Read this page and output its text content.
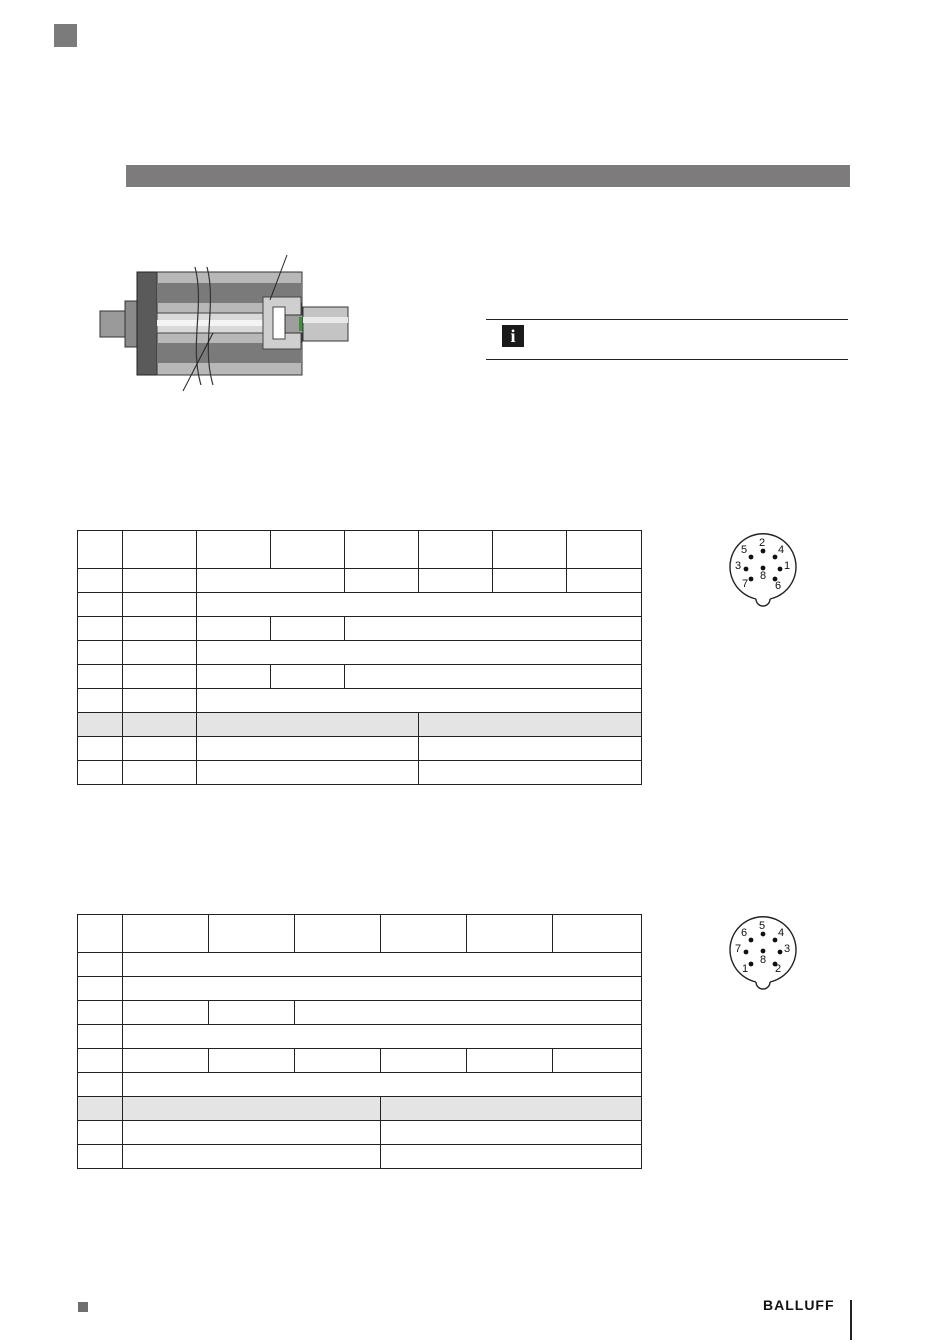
i

2
5	4
3
8
1
7 6

5
6	4
7	3
8
1 2
BALLUFF
